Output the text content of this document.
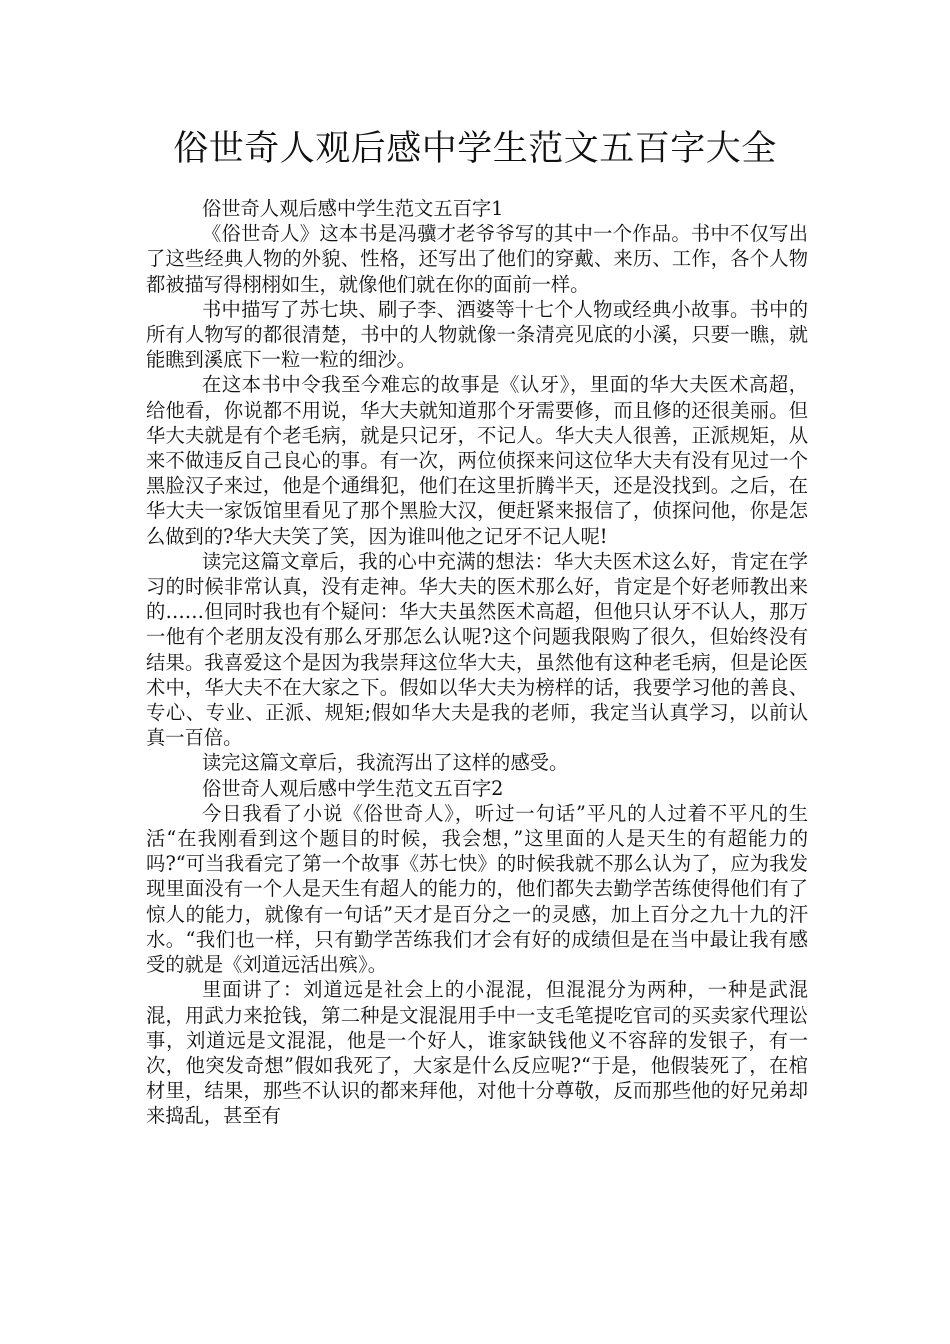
俗世奇人观后感中学生范文五百字大全

俗世奇人观后感中学生范文五百字1

《俗世奇人》这本书是冯骥才老爷爷写的其中一个作品。书中不仅写出了这些经典人物的外貌、性格，还写出了他们的穿戴、来历、工作，各个人物都被描写得栩栩如生，就像他们就在你的面前一样。

书中描写了苏七块、刷子李、酒婆等十七个人物或经典小故事。书中的所有人物写的都很清楚，书中的人物就像一条清亮见底的小溪，只要一瞧，就能瞧到溪底下一粒一粒的细沙。

在这本书中令我至今难忘的故事是《认牙》，里面的华大夫医术高超，给他看，你说都不用说，华大夫就知道那个牙需要修，而且修的还很美丽。但华大夫就是有个老毛病，就是只记牙，不记人。华大夫人很善，正派规矩，从来不做违反自己良心的事。有一次，两位侦探来问这位华大夫有没有见过一个黑脸汉子来过，他是个通缉犯，他们在这里折腾半天，还是没找到。之后，在华大夫一家饭馆里看见了那个黑脸大汉，便赶紧来报信了，侦探问他，你是怎么做到的?华大夫笑了笑，因为谁叫他之记牙不记人呢!

读完这篇文章后，我的心中充满的想法：华大夫医术这么好，肯定在学习的时候非常认真，没有走神。华大夫的医术那么好，肯定是个好老师教出来的……但同时我也有个疑问：华大夫虽然医术高超，但他只认牙不认人，那万一他有个老朋友没有那么牙那怎么认呢?这个问题我限购了很久，但始终没有结果。我喜爱这个是因为我崇拜这位华大夫，虽然他有这种老毛病，但是论医术中，华大夫不在大家之下。假如以华大夫为榜样的话，我要学习他的善良、专心、专业、正派、规矩;假如华大夫是我的老师，我定当认真学习，以前认真一百倍。

读完这篇文章后，我流泻出了这样的感受。

俗世奇人观后感中学生范文五百字2

今日我看了小说《俗世奇人》，听过一句话”平凡的人过着不平凡的生活“在我刚看到这个题目的时候，我会想，”这里面的人是天生的有超能力的吗?“可当我看完了第一个故事《苏七快》的时候我就不那么认为了，应为我发现里面没有一个人是天生有超人的能力的，他们都失去勤学苦练使得他们有了惊人的能力，就像有一句话”天才是百分之一的灵感，加上百分之九十九的汗水。“我们也一样，只有勤学苦练我们才会有好的成绩但是在当中最让我有感受的就是《刘道远活出殡》。

里面讲了：刘道远是社会上的小混混，但混混分为两种，一种是武混混，用武力来抢钱，第二种是文混混用手中一支毛笔提吃官司的买卖家代理讼事，刘道远是文混混，他是一个好人，谁家缺钱他义不容辞的发银子，有一次，他突发奇想”假如我死了，大家是什么反应呢?“于是，他假装死了，在棺材里，结果，那些不认识的都来拜他，对他十分尊敬，反而那些他的好兄弟却来捣乱，甚至有
